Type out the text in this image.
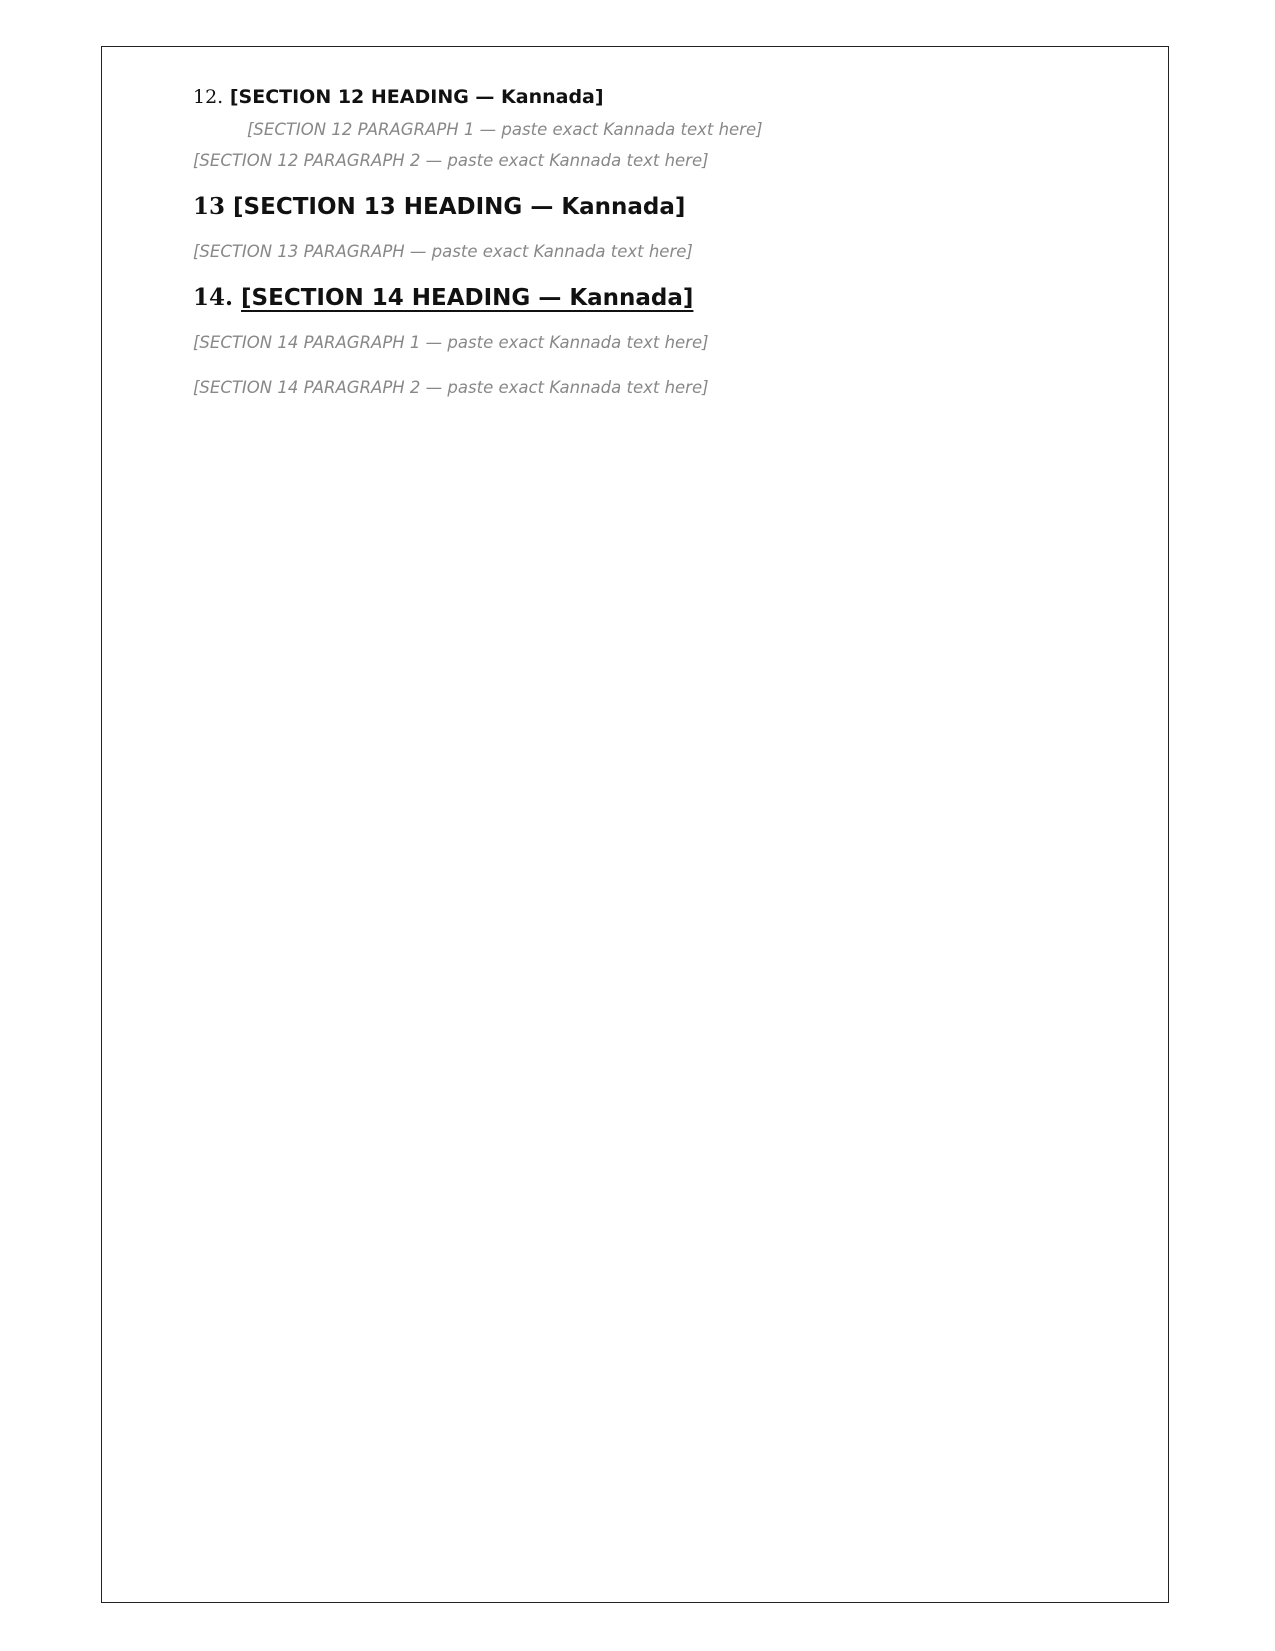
12. [SECTION 12 HEADING — Kannada]

[SECTION 12 PARAGRAPH 1 — paste exact Kannada text here]

[SECTION 12 PARAGRAPH 2 — paste exact Kannada text here]

13 [SECTION 13 HEADING — Kannada]

[SECTION 13 PARAGRAPH — paste exact Kannada text here]

14. [SECTION 14 HEADING — Kannada]

[SECTION 14 PARAGRAPH 1 — paste exact Kannada text here]

[SECTION 14 PARAGRAPH 2 — paste exact Kannada text here]
